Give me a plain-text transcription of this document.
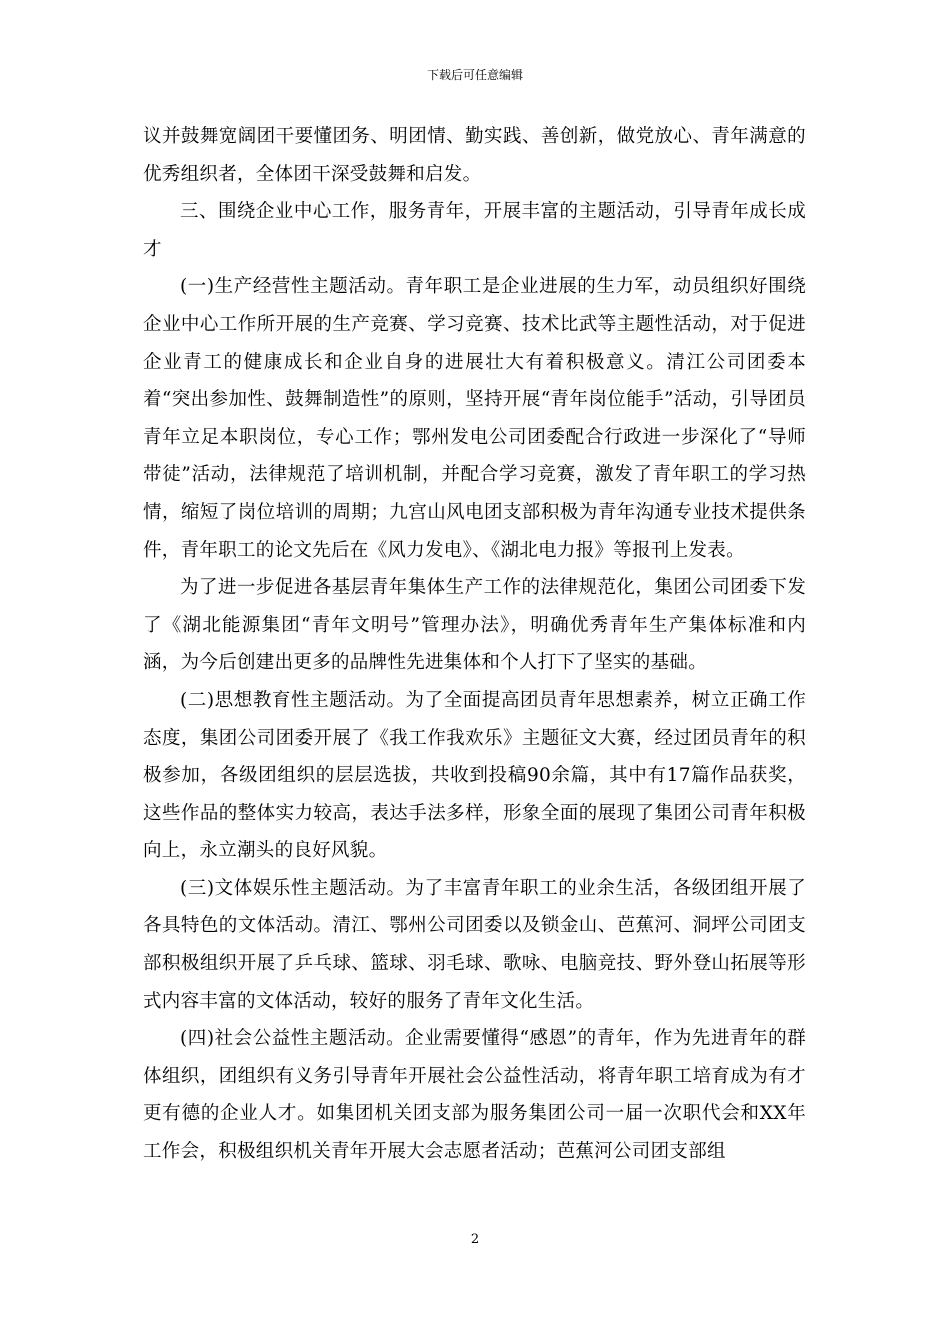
下载后可任意编辑

议并鼓舞宽阔团干要懂团务、明团情、勤实践、善创新，做党放心、青年满意的优秀组织者，全体团干深受鼓舞和启发。

三、围绕企业中心工作，服务青年，开展丰富的主题活动，引导青年成长成才

(一)生产经营性主题活动。青年职工是企业进展的生力军，动员组织好围绕企业中心工作所开展的生产竞赛、学习竞赛、技术比武等主题性活动，对于促进企业青工的健康成长和企业自身的进展壮大有着积极意义。清江公司团委本着“突出参加性、鼓舞制造性”的原则，坚持开展“青年岗位能手”活动，引导团员青年立足本职岗位，专心工作；鄂州发电公司团委配合行政进一步深化了“导师带徒”活动，法律规范了培训机制，并配合学习竞赛，激发了青年职工的学习热情，缩短了岗位培训的周期；九宫山风电团支部积极为青年沟通专业技术提供条件，青年职工的论文先后在《风力发电》、《湖北电力报》等报刊上发表。

为了进一步促进各基层青年集体生产工作的法律规范化，集团公司团委下发了《湖北能源集团“青年文明号”管理办法》，明确优秀青年生产集体标准和内涵，为今后创建出更多的品牌性先进集体和个人打下了坚实的基础。

(二)思想教育性主题活动。为了全面提高团员青年思想素养，树立正确工作态度，集团公司团委开展了《我工作我欢乐》主题征文大赛，经过团员青年的积极参加，各级团组织的层层选拔，共收到投稿90余篇，其中有17篇作品获奖，这些作品的整体实力较高，表达手法多样，形象全面的展现了集团公司青年积极向上，永立潮头的良好风貌。

(三)文体娱乐性主题活动。为了丰富青年职工的业余生活，各级团组开展了各具特色的文体活动。清江、鄂州公司团委以及锁金山、芭蕉河、洞坪公司团支部积极组织开展了乒乓球、篮球、羽毛球、歌咏、电脑竞技、野外登山拓展等形式内容丰富的文体活动，较好的服务了青年文化生活。

(四)社会公益性主题活动。企业需要懂得“感恩”的青年，作为先进青年的群体组织，团组织有义务引导青年开展社会公益性活动，将青年职工培育成为有才更有德的企业人才。如集团机关团支部为服务集团公司一届一次职代会和XX年工作会，积极组织机关青年开展大会志愿者活动；芭蕉河公司团支部组

2
